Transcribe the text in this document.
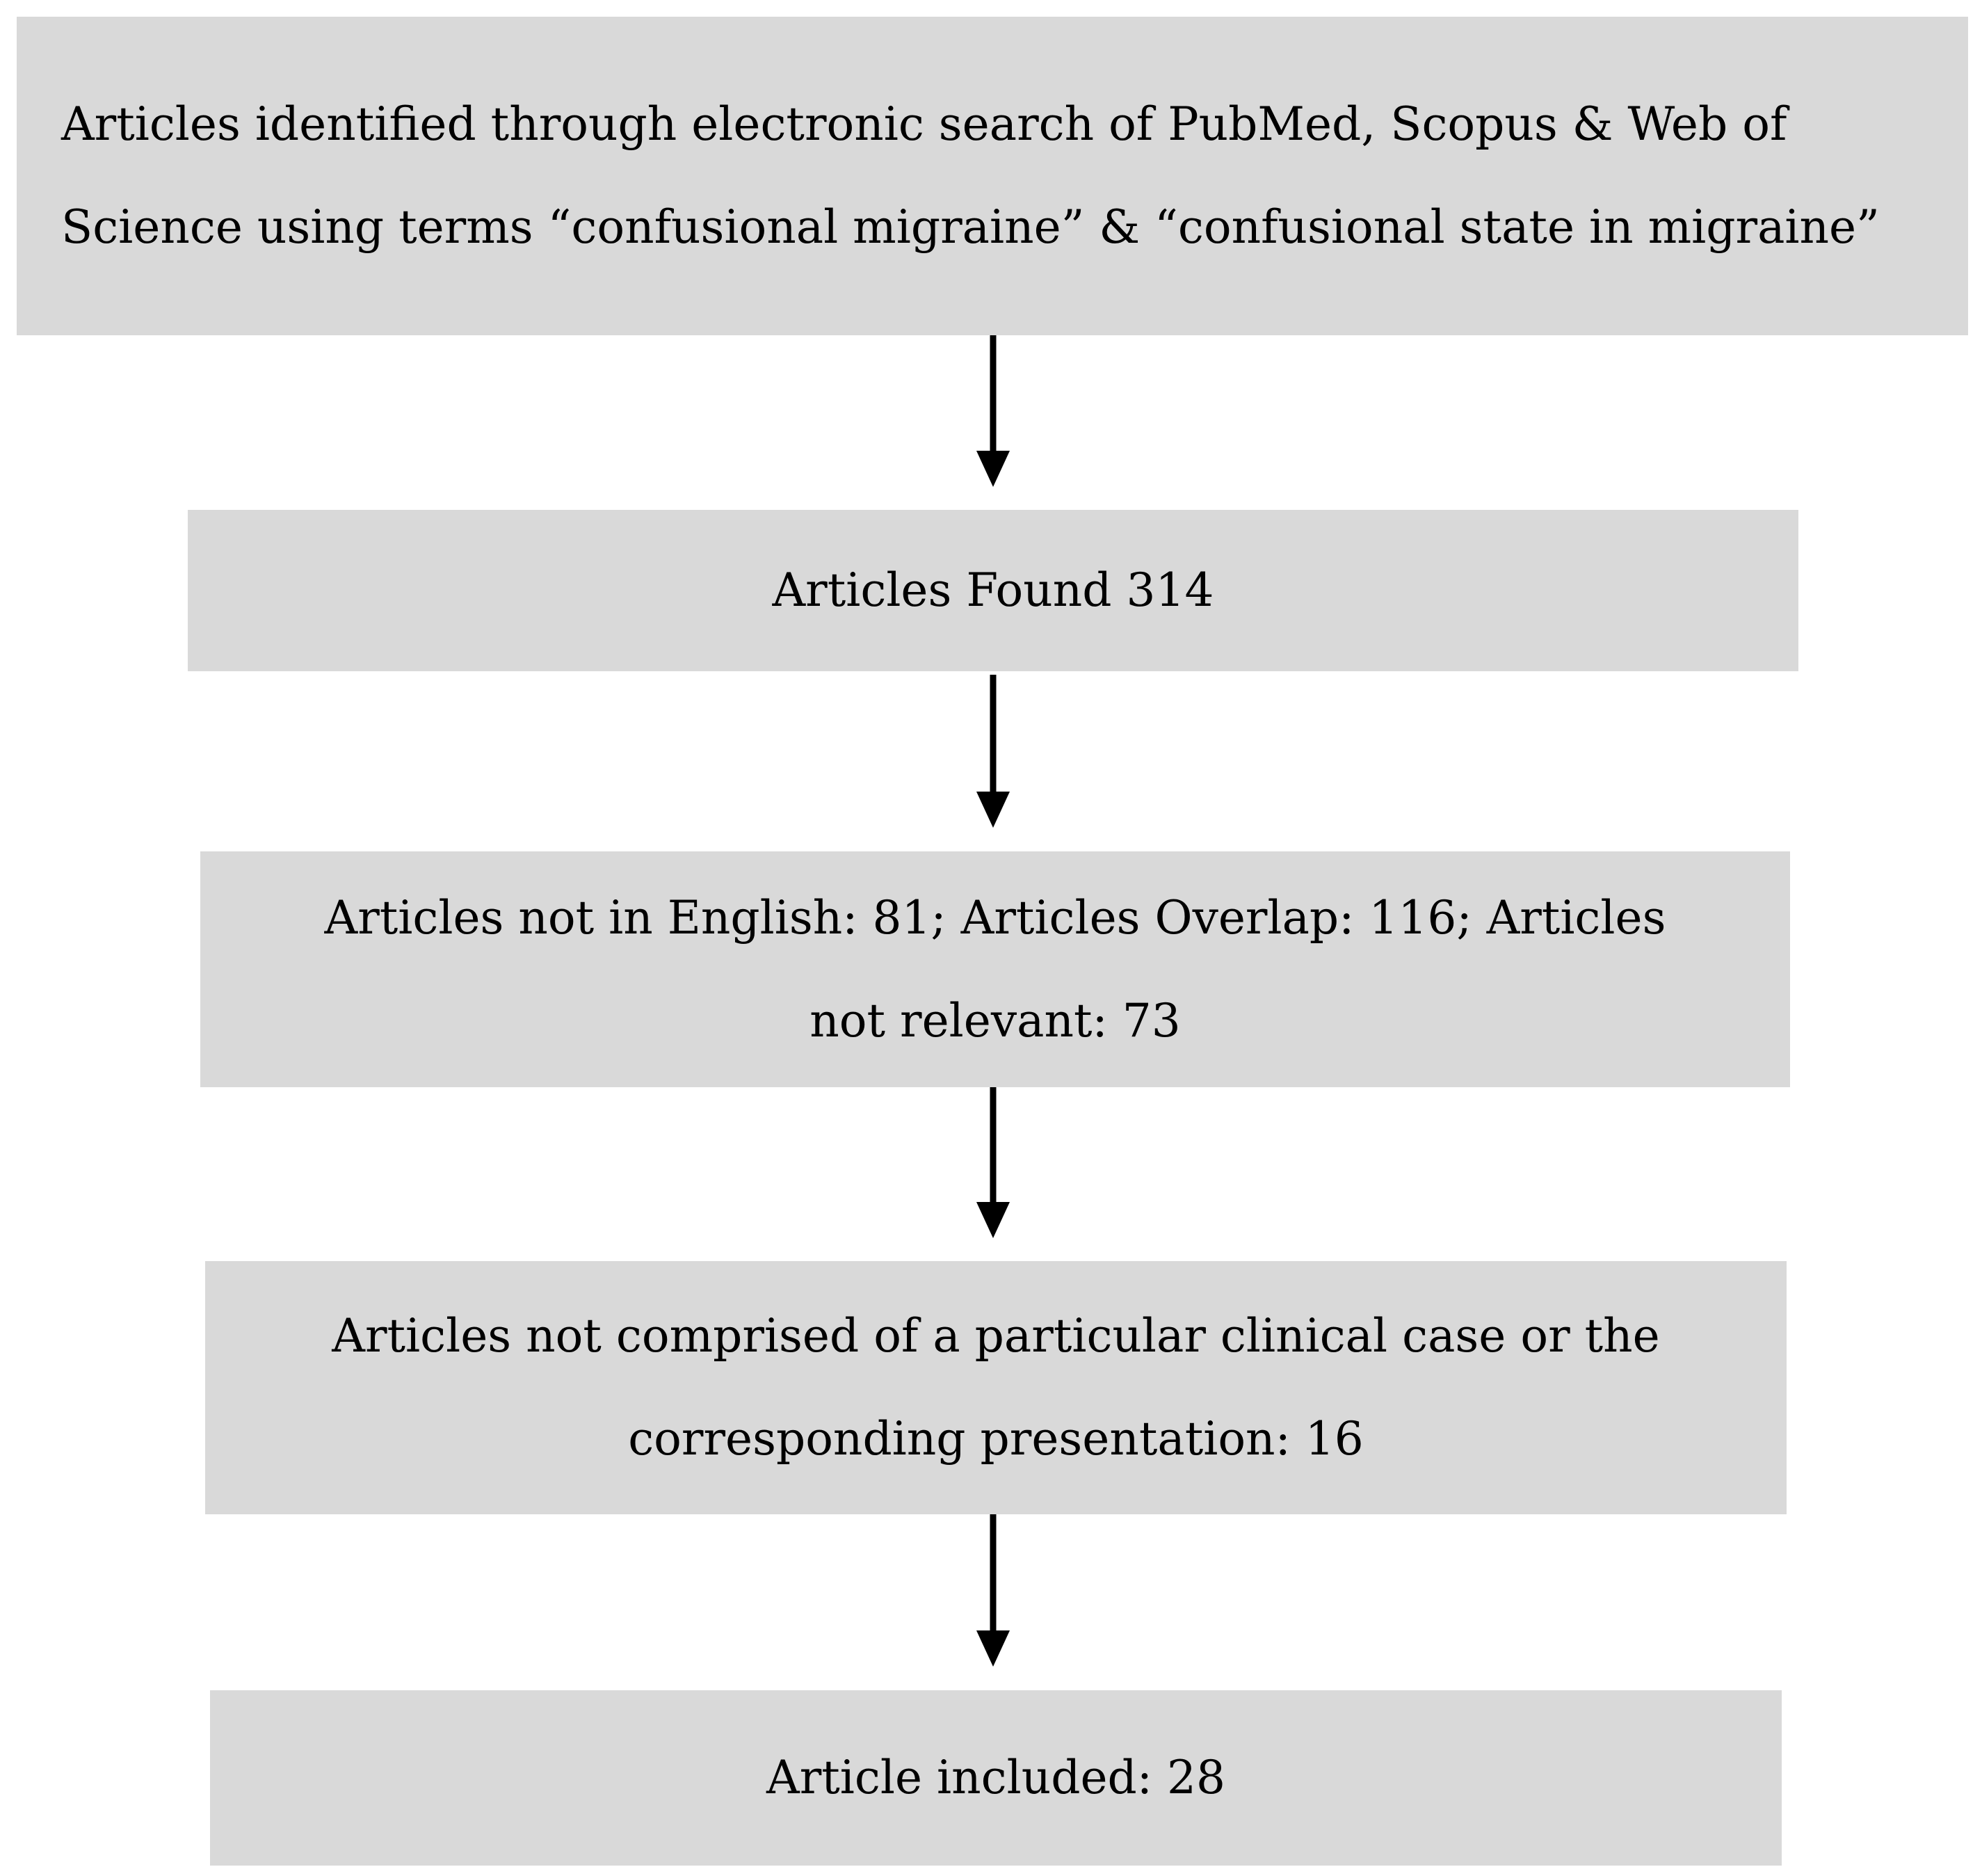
Articles identified through electronic search of PubMed, Scopus & Web of Science using terms “confusional migraine” & “confusional state in migraine”
Articles Found 314
Articles not in English: 81; Articles Overlap: 116; Articles not relevant: 73
Articles not comprised of a particular clinical case or the corresponding presentation: 16
Article included: 28
